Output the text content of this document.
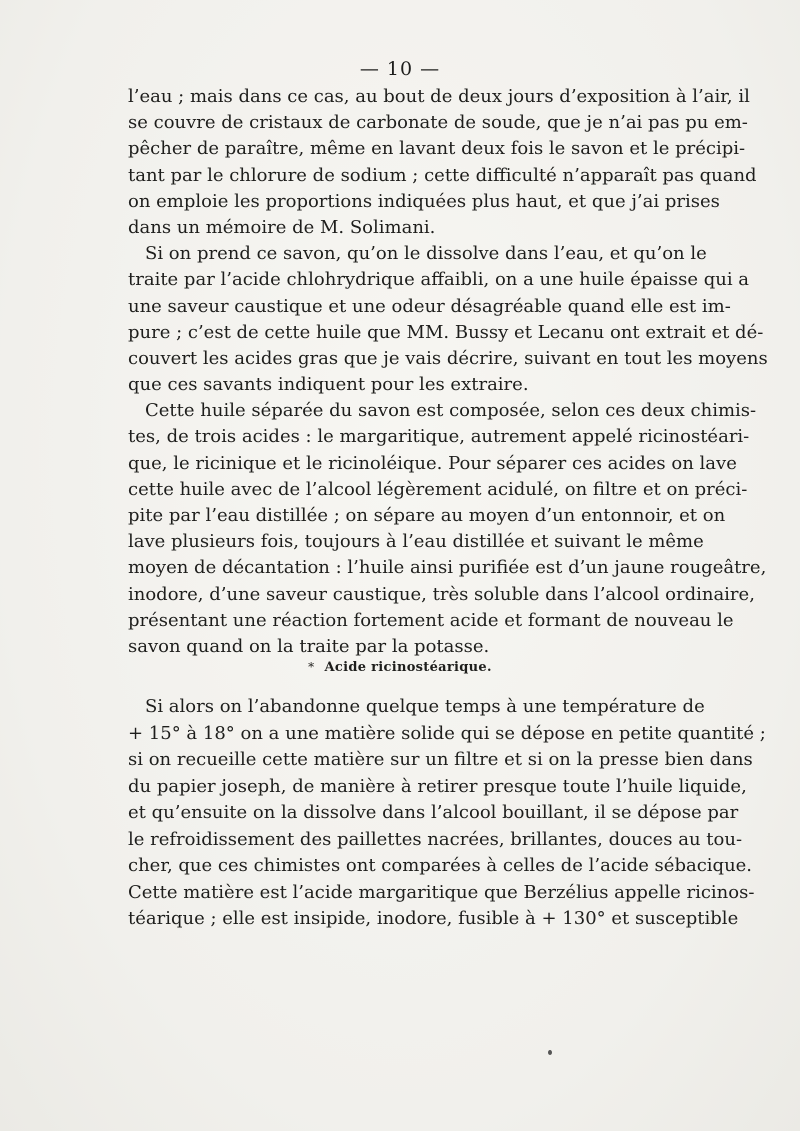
— 10 —
l’eau ; mais dans ce cas, au bout de deux jours d’exposition à l’air, il
se couvre de cristaux de carbonate de soude, que je n’ai pas pu em-
pêcher de paraître, même en lavant deux fois le savon et le précipi-
tant par le chlorure de sodium ; cette difficulté n’apparaît pas quand
on emploie les proportions indiquées plus haut, et que j’ai prises
dans un mémoire de M. Solimani.
Si on prend ce savon, qu’on le dissolve dans l’eau, et qu’on le
traite par l’acide chlohrydrique affaibli, on a une huile épaisse qui a
une saveur caustique et une odeur désagréable quand elle est im-
pure ; c’est de cette huile que MM. Bussy et Lecanu ont extrait et dé-
couvert les acides gras que je vais décrire, suivant en tout les moyens
que ces savants indiquent pour les extraire.
Cette huile séparée du savon est composée, selon ces deux chimis-
tes, de trois acides : le margaritique, autrement appelé ricinostéari-
que, le ricinique et le ricinoléique. Pour séparer ces acides on lave
cette huile avec de l’alcool légèrement acidulé, on filtre et on préci-
pite par l’eau distillée ; on sépare au moyen d’un entonnoir, et on
lave plusieurs fois, toujours à l’eau distillée et suivant le même
moyen de décantation : l’huile ainsi purifiée est d’un jaune rougeâtre,
inodore, d’une saveur caustique, très soluble dans l’alcool ordinaire,
présentant une réaction fortement acide et formant de nouveau le
savon quand on la traite par la potasse.
* Acide ricinostéarique.
Si alors on l’abandonne quelque temps à une température de
+ 15° à 18° on a une matière solide qui se dépose en petite quantité ;
si on recueille cette matière sur un filtre et si on la presse bien dans
du papier joseph, de manière à retirer presque toute l’huile liquide,
et qu’ensuite on la dissolve dans l’alcool bouillant, il se dépose par
le refroidissement des paillettes nacrées, brillantes, douces au tou-
cher, que ces chimistes ont comparées à celles de l’acide sébacique.
Cette matière est l’acide margaritique que Berzélius appelle ricinos-
téarique ; elle est insipide, inodore, fusible à + 130° et susceptible
